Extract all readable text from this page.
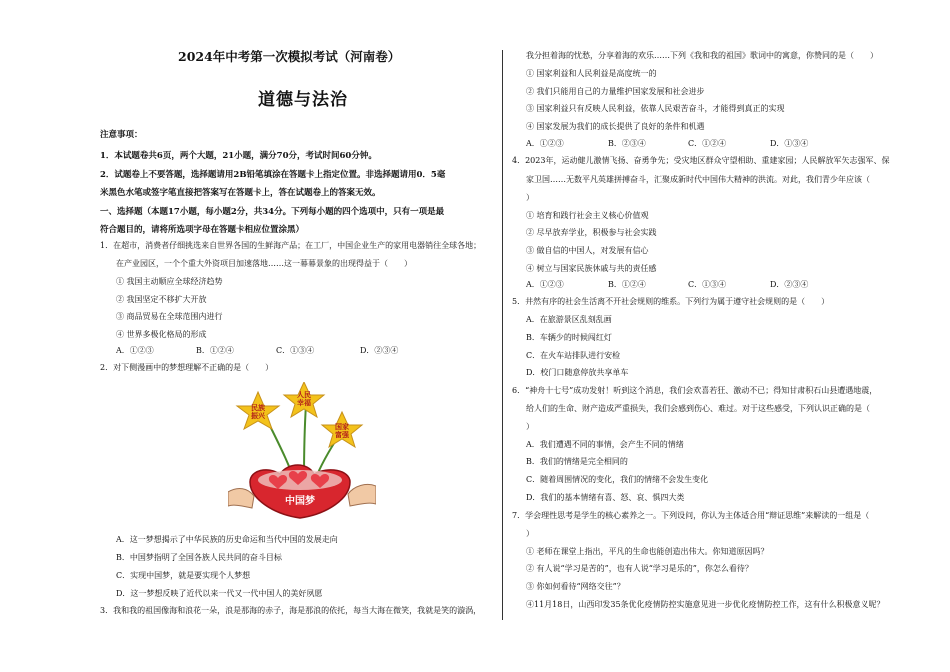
2024年中考第一次模拟考试（河南卷）
道德与法治
注意事项：
1．本试题卷共6页，两个大题，21小题，满分70分，考试时间60分钟。
2．试题卷上不要答题，选择题请用2B铅笔填涂在答题卡上指定位置。非选择题请用0．5毫
米黑色水笔或签字笔直接把答案写在答题卡上，答在试题卷上的答案无效。
一、选择题（本题17小题，每小题2分，共34分。下列每小题的四个选项中，只有一项是最
符合题目的，请将所选项字母在答题卡相应位置涂黑）
1．在超市，消费者仔细挑选来自世界各国的生鲜海产品；在工厂，中国企业生产的家用电器销往全球各地；
在产业园区，一个个重大外资项目加速落地……这一幕幕景象的出现得益于（　　）
① 我国主动顺应全球经济趋势
② 我国坚定不移扩大开放
③ 商品贸易在全球范围内进行
④ 世界多极化格局的形成
A．①②③	B．①②④	C．①③④	D．②③④
2．对下侧漫画中的梦想理解不正确的是（　　）
A．这一梦想揭示了中华民族的历史命运和当代中国的发展走向
B．中国梦指明了全国各族人民共同的奋斗目标
C．实现中国梦，就是要实现个人梦想
D．这一梦想反映了近代以来一代又一代中国人的美好夙愿
3．我和我的祖国像海和浪花一朵，浪是那海的赤子，海是那浪的依托，每当大海在微笑，我就是笑的漩涡，
民族振兴
人民幸福
国家富强
中国梦
我分担着海的忧愁，分享着海的欢乐……下列《我和我的祖国》歌词中的寓意，你赞同的是（　　）
① 国家利益和人民利益是高度统一的
② 我们只能用自己的力量维护国家发展和社会进步
③ 国家利益只有反映人民利益，依靠人民艰苦奋斗，才能得到真正的实现
④ 国家发展为我们的成长提供了良好的条件和机遇
A．①②③	B．②③④	C．①②④	D．①③④
4．2023年，运动健儿激情飞扬、奋勇争先；受灾地区群众守望相助、重建家园；人民解放军矢志强军、保
家卫国……无数平凡英雄拼搏奋斗，汇聚成新时代中国伟大精神的洪流。对此，我们青少年应该（
）
① 培育和践行社会主义核心价值观
② 尽早放弃学业，积极参与社会实践
③ 做自信的中国人，对发展有信心
④ 树立与国家民族休戚与共的责任感
A．①②③	B．①②④	C．①③④	D．②③④
5．井然有序的社会生活离不开社会规则的维系。下列行为属于遵守社会规则的是（　　）
A．在旅游景区乱刻乱画
B．车辆少的时候闯红灯
C．在火车站排队进行安检
D．校门口随意停放共享单车
6．“神舟十七号”成功发射！听到这个消息，我们会欢喜若狂、激动不已；得知甘肃积石山县遭遇地震，
给人们的生命、财产造成严重损失，我们会感到伤心、难过。对于这些感受，下列认识正确的是（
）
A．我们遭遇不同的事情，会产生不同的情绪
B．我们的情绪是完全相同的
C．随着周围情况的变化，我们的情绪不会发生变化
D．我们的基本情绪有喜、怒、哀、惧四大类
7．学会理性思考是学生的核心素养之一。下列设问，你认为主体适合用“辩证思维”来解读的一组是（
）
① 老师在课堂上指出，平凡的生命也能创造出伟大。你知道原因吗？
② 有人说“学习是苦的”，也有人说“学习是乐的”，你怎么看待？
③ 你如何看待“网络交往”？
④11月18日，山西印发35条优化疫情防控实施意见进一步优化疫情防控工作，这有什么积极意义呢？
